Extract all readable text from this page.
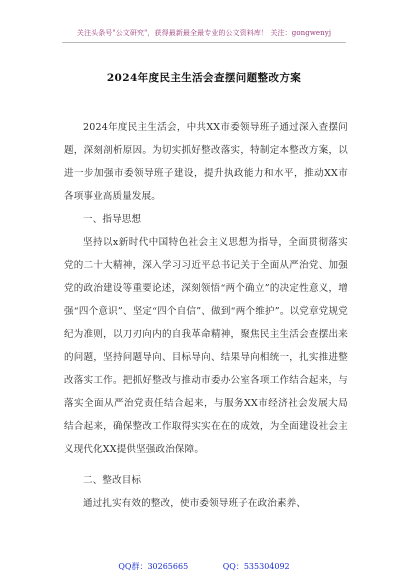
关注头条号"公文研究"，获得最新最全最专业的公文资料库！ 关注：gongwenyj
2024年度民主生活会查摆问题整改方案

2024年度民主生活会，中共XX市委领导班子通过深入查摆问题，深刻剖析原因。为切实抓好整改落实，特制定本整改方案，以进一步加强市委领导班子建设，提升执政能力和水平，推动XX市各项事业高质量发展。

一、指导思想

坚持以x新时代中国特色社会主义思想为指导，全面贯彻落实党的二十大精神，深入学习习近平总书记关于全面从严治党、加强党的政治建设等重要论述，深刻领悟“两个确立”的决定性意义，增强“四个意识”、坚定“四个自信”、做到“两个维护”。以党章党规党纪为准则，以刀刃向内的自我革命精神，聚焦民主生活会查摆出来的问题，坚持问题导向、目标导向、结果导向相统一，扎实推进整改落实工作。把抓好整改与推动市委办公室各项工作结合起来，与落实全面从严治党责任结合起来，与服务XX市经济社会发展大局结合起来，确保整改工作取得实实在在的成效，为全面建设社会主义现代化XX提供坚强政治保障。

二、整改目标

通过扎实有效的整改，使市委领导班子在政治素养、

QQ群：30265665	QQ：535304092
